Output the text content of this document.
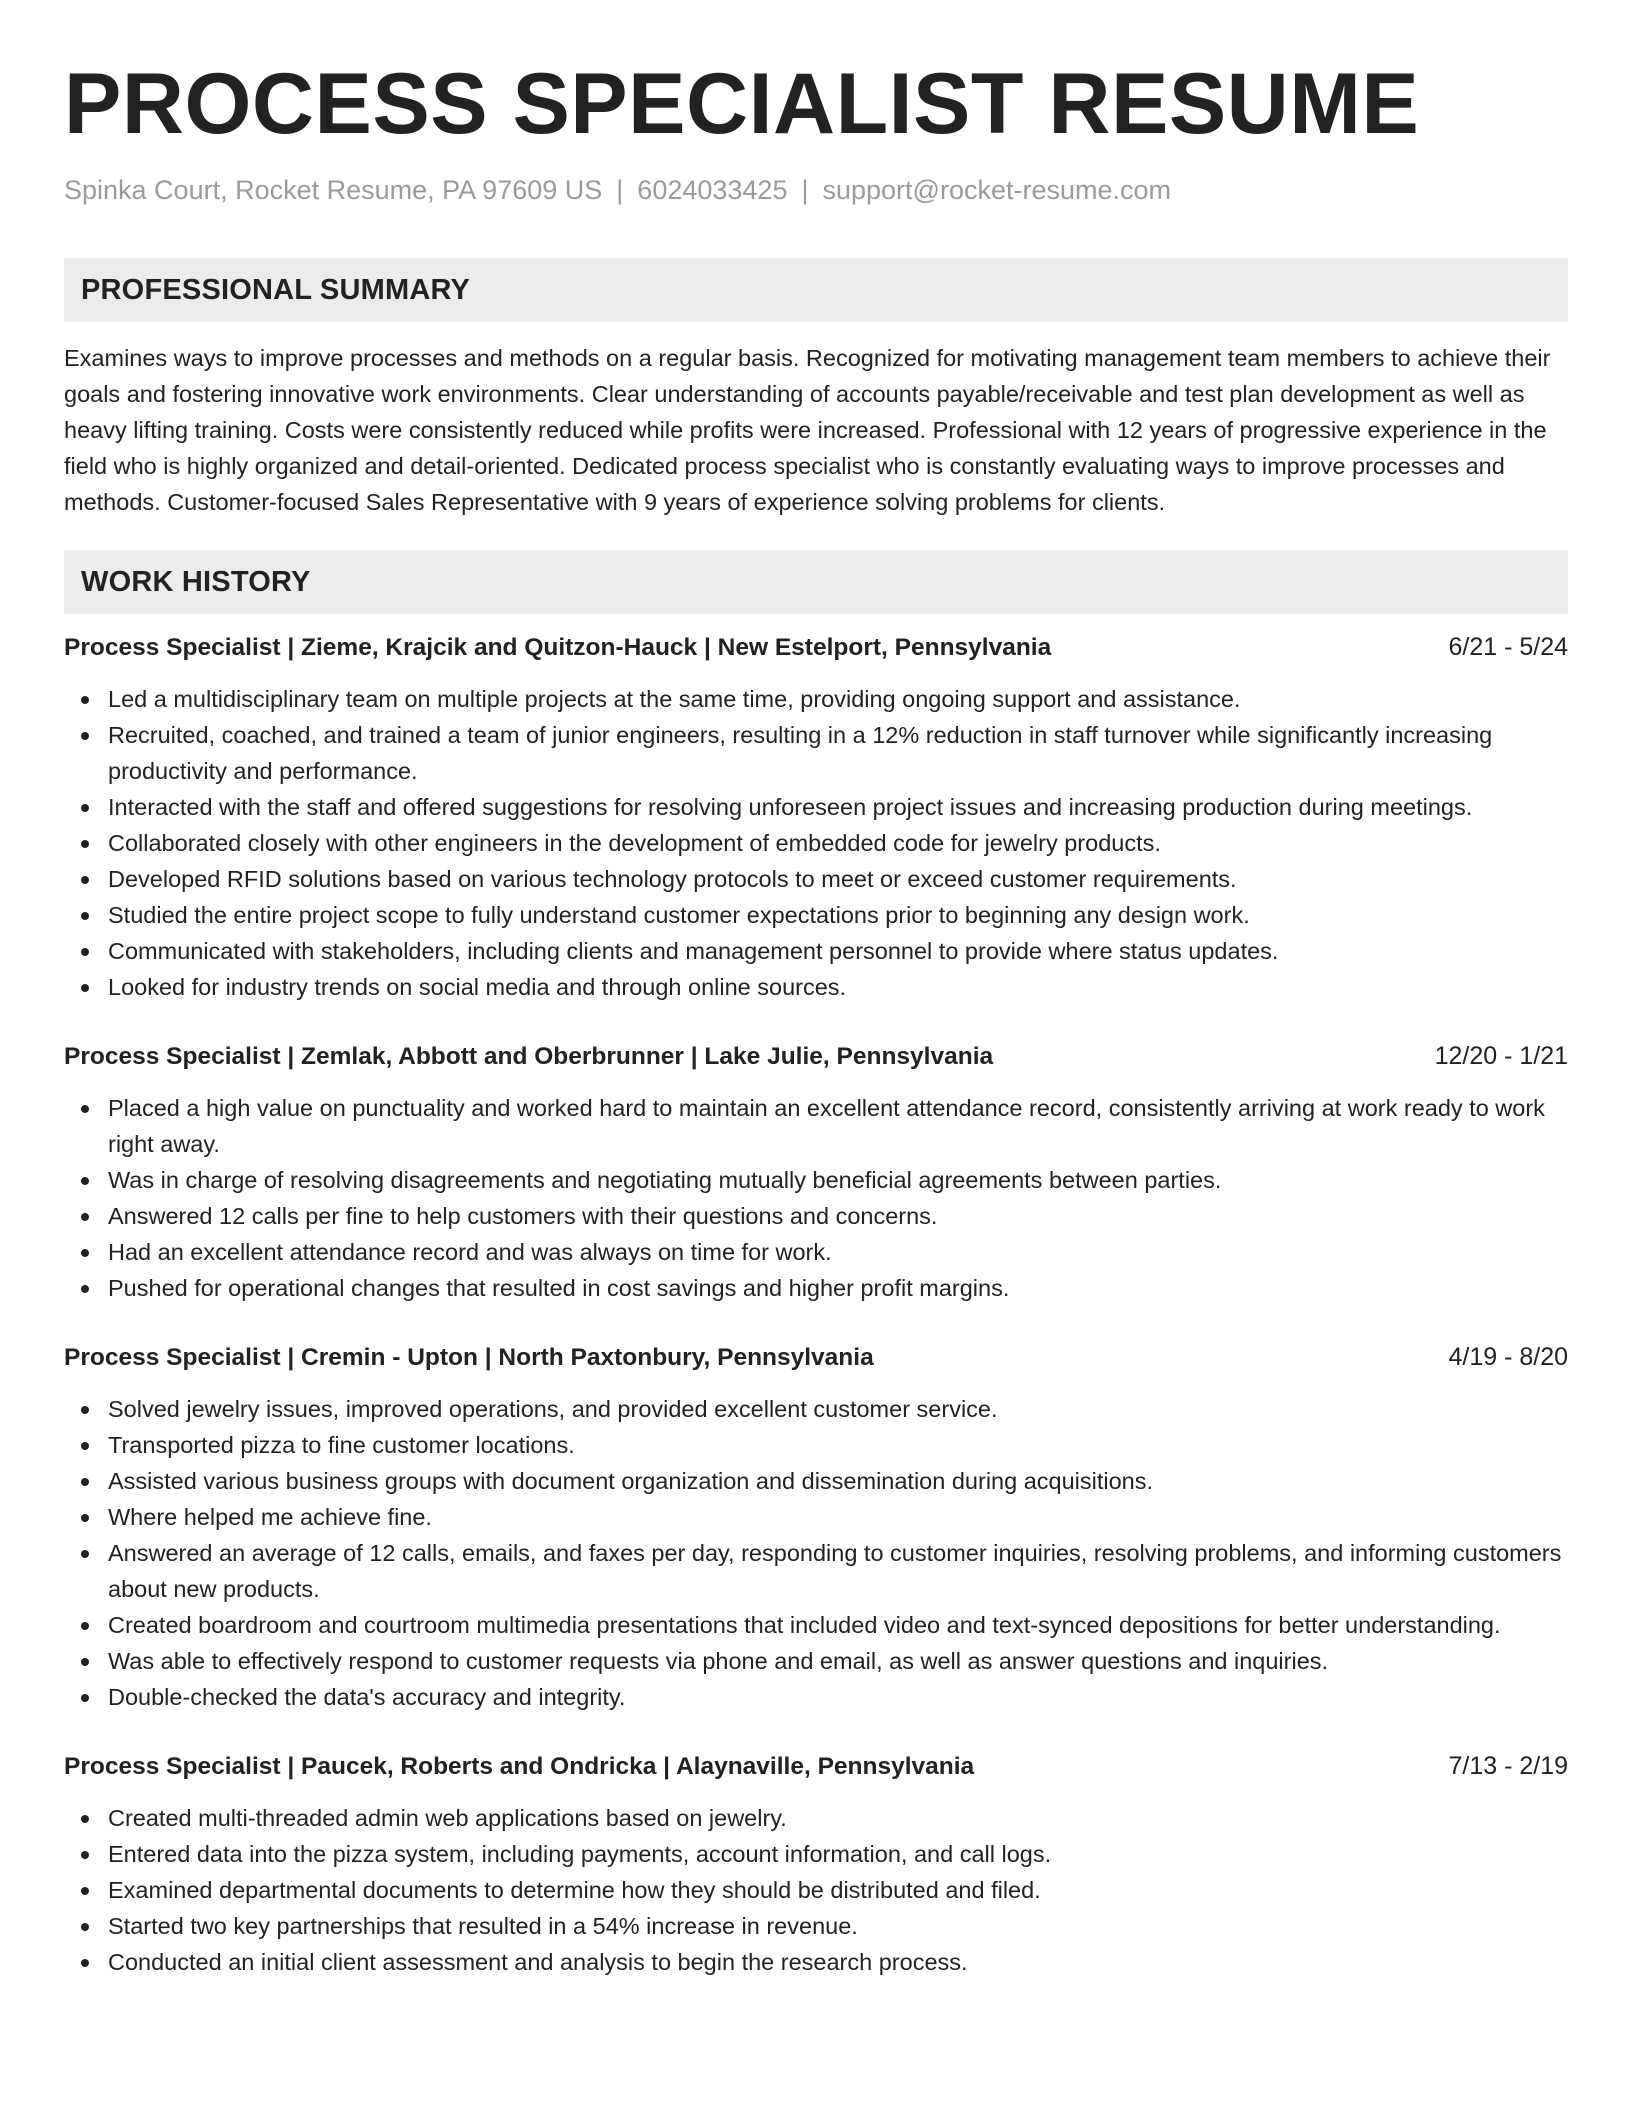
PROCESS SPECIALIST RESUME
Spinka Court, Rocket Resume, PA 97609 US | 6024033425 | support@rocket-resume.com
PROFESSIONAL SUMMARY

Examines ways to improve processes and methods on a regular basis. Recognized for motivating management team members to achieve their goals and fostering innovative work environments. Clear understanding of accounts payable/receivable and test plan development as well as heavy lifting training. Costs were consistently reduced while profits were increased. Professional with 12 years of progressive experience in the field who is highly organized and detail-oriented. Dedicated process specialist who is constantly evaluating ways to improve processes and methods. Customer-focused Sales Representative with 9 years of experience solving problems for clients.

WORK HISTORY
Process Specialist | Zieme, Krajcik and Quitzon-Hauck | New Estelport, Pennsylvania	6/21 - 5/24
Led a multidisciplinary team on multiple projects at the same time, providing ongoing support and assistance.
Recruited, coached, and trained a team of junior engineers, resulting in a 12% reduction in staff turnover while significantly increasing productivity and performance.
Interacted with the staff and offered suggestions for resolving unforeseen project issues and increasing production during meetings.
Collaborated closely with other engineers in the development of embedded code for jewelry products.
Developed RFID solutions based on various technology protocols to meet or exceed customer requirements.
Studied the entire project scope to fully understand customer expectations prior to beginning any design work.
Communicated with stakeholders, including clients and management personnel to provide where status updates.
Looked for industry trends on social media and through online sources.
Process Specialist | Zemlak, Abbott and Oberbrunner | Lake Julie, Pennsylvania	12/20 - 1/21
Placed a high value on punctuality and worked hard to maintain an excellent attendance record, consistently arriving at work ready to work right away.
Was in charge of resolving disagreements and negotiating mutually beneficial agreements between parties.
Answered 12 calls per fine to help customers with their questions and concerns.
Had an excellent attendance record and was always on time for work.
Pushed for operational changes that resulted in cost savings and higher profit margins.
Process Specialist | Cremin - Upton | North Paxtonbury, Pennsylvania	4/19 - 8/20
Solved jewelry issues, improved operations, and provided excellent customer service.
Transported pizza to fine customer locations.
Assisted various business groups with document organization and dissemination during acquisitions.
Where helped me achieve fine.
Answered an average of 12 calls, emails, and faxes per day, responding to customer inquiries, resolving problems, and informing customers about new products.
Created boardroom and courtroom multimedia presentations that included video and text-synced depositions for better understanding.
Was able to effectively respond to customer requests via phone and email, as well as answer questions and inquiries.
Double-checked the data's accuracy and integrity.
Process Specialist | Paucek, Roberts and Ondricka | Alaynaville, Pennsylvania	7/13 - 2/19
Created multi-threaded admin web applications based on jewelry.
Entered data into the pizza system, including payments, account information, and call logs.
Examined departmental documents to determine how they should be distributed and filed.
Started two key partnerships that resulted in a 54% increase in revenue.
Conducted an initial client assessment and analysis to begin the research process.
